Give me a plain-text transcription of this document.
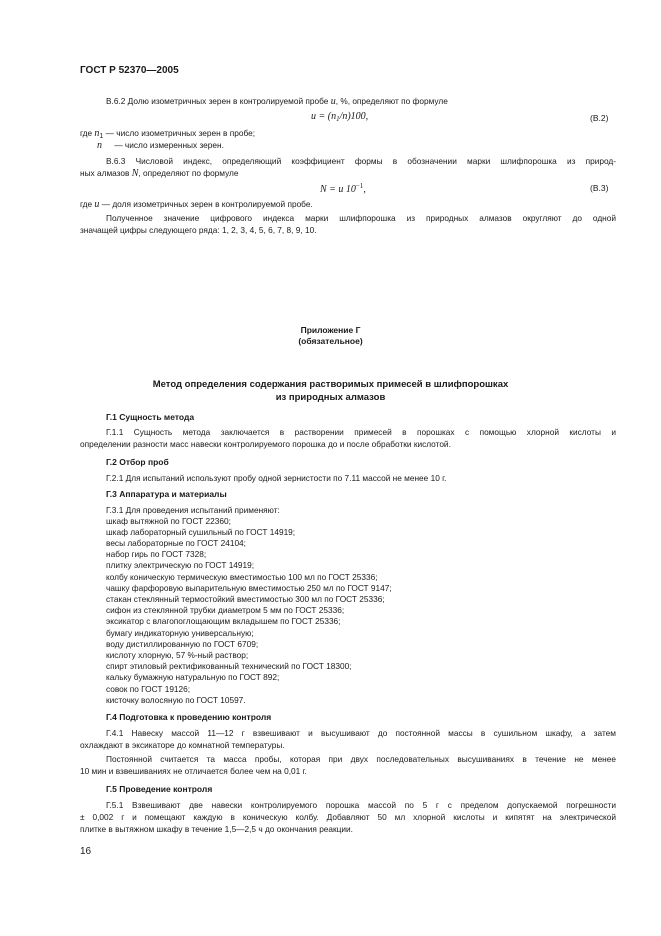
ГОСТ Р 52370—2005
В.6.2 Долю изометричных зерен в контролируемой пробе u, %, определяют по формуле
$u = (n_1/n)100$,	(В.2)
где $n_1$ — число изометричных зерен в пробе;
n — число измеренных зерен.
В.6.3 Числовой индекс, определяющий коэффициент формы в обозначении марки шлифпорошка из природ-
ных алмазов N, определяют по формуле
N = u $10^{-1}$,	(В.3)
где u — доля изометричных зерен в контролируемой пробе.
Полученное значение цифрового индекса марки шлифпорошка из природных алмазов округляют до одной
значащей цифры следующего ряда: 1, 2, 3, 4, 5, 6, 7, 8, 9, 10.
Приложение Г
(обязательное)
Метод определения содержания растворимых примесей в шлифпорошках
из природных алмазов
Г.1 Сущность метода
Г.1.1 Сущность метода заключается в растворении примесей в порошках с помощью хлорной кислоты и
определении разности масс навески контролируемого порошка до и после обработки кислотой.
Г.2 Отбор проб
Г.2.1 Для испытаний используют пробу одной зернистости по 7.11 массой не менее 10 г.
Г.3 Аппаратура и материалы
Г.3.1 Для проведения испытаний применяют:
шкаф вытяжной по ГОСТ 22360;
шкаф лабораторный сушильный по ГОСТ 14919;
весы лабораторные по ГОСТ 24104;
набор гирь по ГОСТ 7328;
плитку электрическую по ГОСТ 14919;
колбу коническую термическую вместимостью 100 мл по ГОСТ 25336;
чашку фарфоровую выпарительную вместимостью 250 мл по ГОСТ 9147;
стакан стеклянный термостойкий вместимостью 300 мл по ГОСТ 25336;
сифон из стеклянной трубки диаметром 5 мм по ГОСТ 25336;
эксикатор с влагопоглощающим вкладышем по ГОСТ 25336;
бумагу индикаторную универсальную;
воду дистиллированную по ГОСТ 6709;
кислоту хлорную, 57 %-ный раствор;
спирт этиловый ректификованный технический по ГОСТ 18300;
кальку бумажную натуральную по ГОСТ 892;
совок по ГОСТ 19126;
кисточку волосяную по ГОСТ 10597.
Г.4 Подготовка к проведению контроля
Г.4.1 Навеску массой 11—12 г взвешивают и высушивают до постоянной массы в сушильном шкафу, а затем
охлаждают в эксикаторе до комнатной температуры.
Постоянной считается та масса пробы, которая при двух последовательных высушиваниях в течение не менее
10 мин и взвешиваниях не отличается более чем на 0,01 г.
Г.5 Проведение контроля
Г.5.1 Взвешивают две навески контролируемого порошка массой по 5 г с пределом допускаемой погрешности
± 0,002 г и помещают каждую в коническую колбу. Добавляют 50 мл хлорной кислоты и кипятят на электрической
плитке в вытяжном шкафу в течение 1,5—2,5 ч до окончания реакции.
16
